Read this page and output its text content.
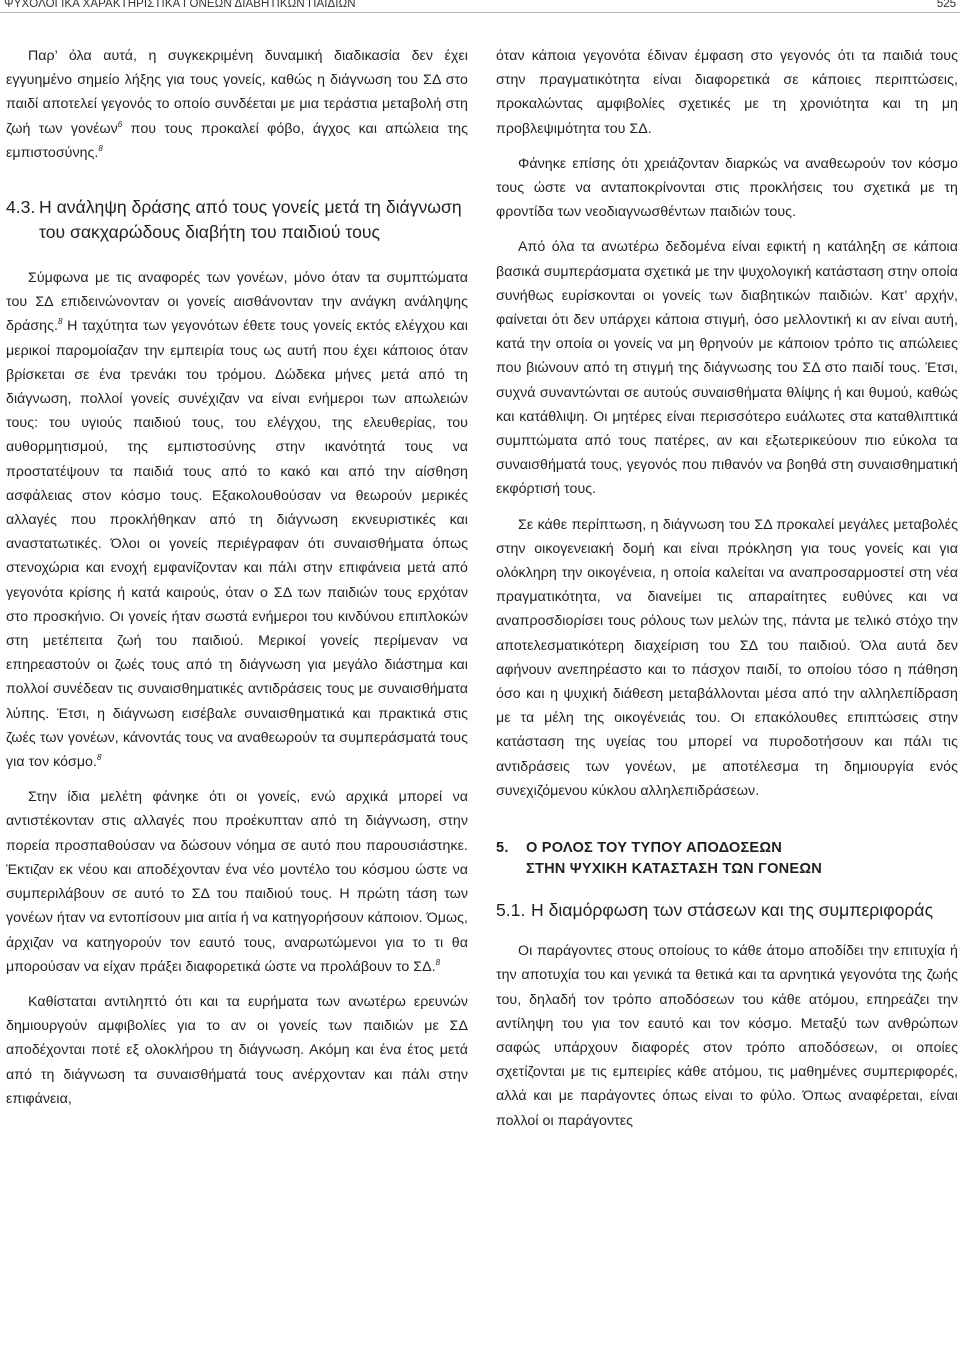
ΨΥΧΟΛΟΓΙΚΑ ΧΑΡΑΚΤΗΡΙΣΤΙΚΑ ΓΟΝΕΩΝ ΔΙΑΒΗΤΙΚΩΝ ΠΑΙΔΙΩΝ	525

Παρ’ όλα αυτά, η συγκεκριμένη δυναμική διαδικασία δεν έχει εγγυημένο σημείο λήξης για τους γονείς, καθώς η διάγνωση του ΣΔ στο παιδί αποτελεί γεγονός το οποίο συνδέεται με μια τεράστια μεταβολή στη ζωή των γονέων$^6$ που τους προκαλεί φόβο, άγχος και απώλεια της εμπιστοσύνης.$^8$

4.3. Η ανάληψη δράσης από τους γονείς μετά τη διάγνωση του σακχαρώδους διαβήτη του παιδιού τους

Σύμφωνα με τις αναφορές των γονέων, μόνο όταν τα συμπτώματα του ΣΔ επιδεινώνονταν οι γονείς αισθάνονταν την ανάγκη ανάληψης δράσης.$^8$ Η ταχύτητα των γεγονότων έθετε τους γονείς εκτός ελέγχου και μερικοί παρομοίαζαν την εμπειρία τους ως αυτή που έχει κάποιος όταν βρίσκεται σε ένα τρενάκι του τρόμου. Δώδεκα μήνες μετά από τη διάγνωση, πολλοί γονείς συνέχιζαν να είναι ενήμεροι των απωλειών τους: του υγιούς παιδιού τους, του ελέγχου, της ελευθερίας, του αυθορμητισμού, της εμπιστοσύνης στην ικανότητά τους να προστατέψουν τα παιδιά τους από το κακό και από την αίσθηση ασφάλειας στον κόσμο τους. Εξακολουθούσαν να θεωρούν μερικές αλλαγές που προκλήθηκαν από τη διάγνωση εκνευριστικές και αναστατωτικές. Όλοι οι γονείς περιέγραφαν ότι συναισθήματα όπως στενοχώρια και ενοχή εμφανίζονταν και πάλι στην επιφάνεια μετά από γεγονότα κρίσης ή κατά καιρούς, όταν ο ΣΔ των παιδιών τους ερχόταν στο προσκήνιο. Οι γονείς ήταν σωστά ενήμεροι του κινδύνου επιπλοκών στη μετέπειτα ζωή του παιδιού. Μερικοί γονείς περίμεναν να επηρεαστούν οι ζωές τους από τη διάγνωση για μεγάλο διάστημα και πολλοί συνέδεαν τις συναισθηματικές αντιδράσεις τους με συναισθήματα λύπης. Έτσι, η διάγνωση εισέβαλε συναισθηματικά και πρακτικά στις ζωές των γονέων, κάνοντάς τους να αναθεωρούν τα συμπεράσματά τους για τον κόσμο.$^8$

Στην ίδια μελέτη φάνηκε ότι οι γονείς, ενώ αρχικά μπορεί να αντιστέκονταν στις αλλαγές που προέκυπταν από τη διάγνωση, στην πορεία προσπαθούσαν να δώσουν νόημα σε αυτό που παρουσιάστηκε. Έκτιζαν εκ νέου και αποδέχονταν ένα νέο μοντέλο του κόσμου ώστε να συμπεριλάβουν σε αυτό το ΣΔ του παιδιού τους. Η πρώτη τάση των γονέων ήταν να εντοπίσουν μια αιτία ή να κατηγορήσουν κάποιον. Όμως, άρχιζαν να κατηγορούν τον εαυτό τους, αναρωτώμενοι για το τι θα μπορούσαν να είχαν πράξει διαφορετικά ώστε να προλάβουν το ΣΔ.$^8$

Καθίσταται αντιληπτό ότι και τα ευρήματα των ανωτέρω ερευνών δημιουργούν αμφιβολίες για το αν οι γονείς των παιδιών με ΣΔ αποδέχονται ποτέ εξ ολοκλήρου τη διάγνωση. Ακόμη και ένα έτος μετά από τη διάγνωση τα συναισθήματά τους ανέρχονταν και πάλι στην επιφάνεια,

όταν κάποια γεγονότα έδιναν έμφαση στο γεγονός ότι τα παιδιά τους στην πραγματικότητα είναι διαφορετικά σε κάποιες περιπτώσεις, προκαλώντας αμφιβολίες σχετικές με τη χρονιότητα και τη μη προβλεψιμότητα του ΣΔ.

Φάνηκε επίσης ότι χρειάζονταν διαρκώς να αναθεωρούν τον κόσμο τους ώστε να ανταποκρίνονται στις προκλήσεις του σχετικά με τη φροντίδα των νεοδιαγνωσθέντων παιδιών τους.

Από όλα τα ανωτέρω δεδομένα είναι εφικτή η κατάληξη σε κάποια βασικά συμπεράσματα σχετικά με την ψυχολογική κατάσταση στην οποία συνήθως ευρίσκονται οι γονείς των διαβητικών παιδιών. Κατ’ αρχήν, φαίνεται ότι δεν υπάρχει κάποια στιγμή, όσο μελλοντική κι αν είναι αυτή, κατά την οποία οι γονείς να μη θρηνούν με κάποιον τρόπο τις απώλειες που βιώνουν από τη στιγμή της διάγνωσης του ΣΔ στο παιδί τους. Έτσι, συχνά συναντώνται σε αυτούς συναισθήματα θλίψης ή και θυμού, καθώς και κατάθλιψη. Οι μητέρες είναι περισσότερο ευάλωτες στα καταθλιπτικά συμπτώματα από τους πατέρες, αν και εξωτερικεύουν πιο εύκολα τα συναισθήματά τους, γεγονός που πιθανόν να βοηθά στη συναισθηματική εκφόρτισή τους.

Σε κάθε περίπτωση, η διάγνωση του ΣΔ προκαλεί μεγάλες μεταβολές στην οικογενειακή δομή και είναι πρόκληση για τους γονείς και για ολόκληρη την οικογένεια, η οποία καλείται να αναπροσαρμοστεί στη νέα πραγματικότητα, να διανείμει τις απαραίτητες ευθύνες και να αναπροσδιορίσει τους ρόλους των μελών της, πάντα με τελικό στόχο την αποτελεσματικότερη διαχείριση του ΣΔ του παιδιού. Όλα αυτά δεν αφήνουν ανεπηρέαστο και το πάσχον παιδί, το οποίου τόσο η πάθηση όσο και η ψυχική διάθεση μεταβάλλονται μέσα από την αλληλεπίδραση με τα μέλη της οικογένειάς του. Οι επακόλουθες επιπτώσεις στην κατάσταση της υγείας του μπορεί να πυροδοτήσουν και πάλι τις αντιδράσεις των γονέων, με αποτέλεσμα τη δημιουργία ενός συνεχιζόμενου κύκλου αλληλεπιδράσεων.

5. Ο ΡΟΛΟΣ ΤΟΥ ΤΥΠΟΥ ΑΠΟΔΟΣΕΩΝ
ΣΤΗΝ ΨΥΧΙΚΗ ΚΑΤΑΣΤΑΣΗ ΤΩΝ ΓΟΝΕΩΝ
5.1. Η διαμόρφωση των στάσεων και της συμπεριφοράς

Οι παράγοντες στους οποίους το κάθε άτομο αποδίδει την επιτυχία ή την αποτυχία του και γενικά τα θετικά και τα αρνητικά γεγονότα της ζωής του, δηλαδή τον τρόπο αποδόσεων του κάθε ατόμου, επηρεάζει την αντίληψη του για τον εαυτό και τον κόσμο. Μεταξύ των ανθρώπων σαφώς υπάρχουν διαφορές στον τρόπο αποδόσεων, οι οποίες σχετίζονται με τις εμπειρίες κάθε ατόμου, τις μαθημένες συμπεριφορές, αλλά και με παράγοντες όπως είναι το φύλο. Όπως αναφέρεται, είναι πολλοί οι παράγοντες
